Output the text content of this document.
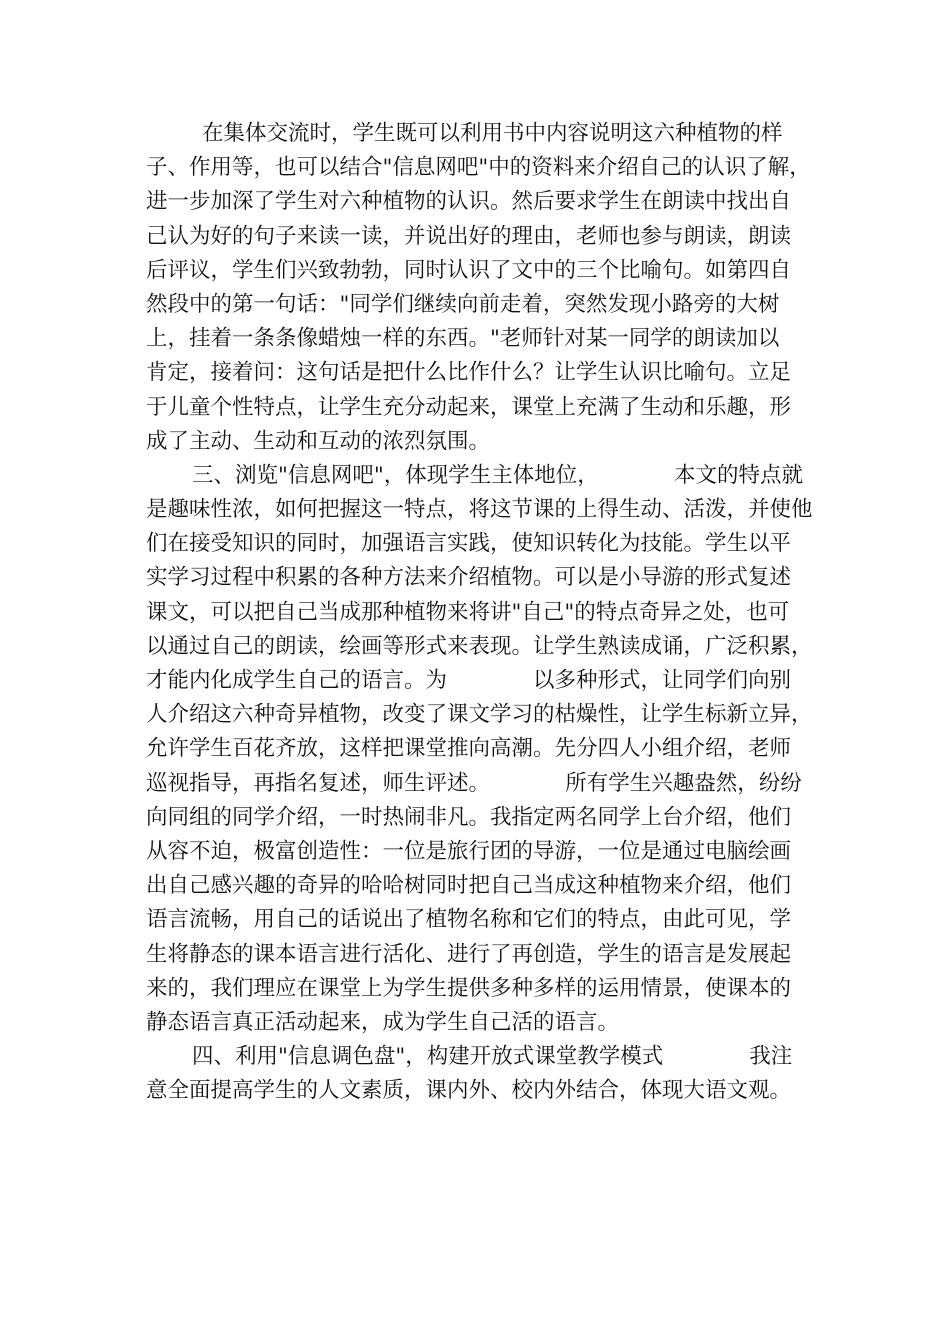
在集体交流时，学生既可以利用书中内容说明这六种植物的样
子、作用等，也可以结合"信息网吧"中的资料来介绍自己的认识了解，
进一步加深了学生对六种植物的认识。然后要求学生在朗读中找出自
己认为好的句子来读一读，并说出好的理由，老师也参与朗读，朗读
后评议，学生们兴致勃勃，同时认识了文中的三个比喻句。如第四自
然段中的第一句话："同学们继续向前走着，突然发现小路旁的大树
上，挂着一条条像蜡烛一样的东西。"老师针对某一同学的朗读加以
肯定，接着问：这句话是把什么比作什么？让学生认识比喻句。立足
于儿童个性特点，让学生充分动起来，课堂上充满了生动和乐趣，形
成了主动、生动和互动的浓烈氛围。
三、浏览"信息网吧"，体现学生主体地位，　　　　本文的特点就
是趣味性浓，如何把握这一特点，将这节课的上得生动、活泼，并使他
们在接受知识的同时，加强语言实践，使知识转化为技能。学生以平
实学习过程中积累的各种方法来介绍植物。可以是小导游的形式复述
课文，可以把自己当成那种植物来将讲"自己"的特点奇异之处，也可
以通过自己的朗读，绘画等形式来表现。让学生熟读成诵，广泛积累，
才能内化成学生自己的语言。为　　　　以多种形式，让同学们向别
人介绍这六种奇异植物，改变了课文学习的枯燥性，让学生标新立异，
允许学生百花齐放，这样把课堂推向高潮。先分四人小组介绍，老师
巡视指导，再指名复述，师生评述。　　　　所有学生兴趣盎然，纷纷
向同组的同学介绍，一时热闹非凡。我指定两名同学上台介绍，他们
从容不迫，极富创造性：一位是旅行团的导游，一位是通过电脑绘画
出自己感兴趣的奇异的哈哈树同时把自己当成这种植物来介绍，他们
语言流畅，用自己的话说出了植物名称和它们的特点，由此可见，学
生将静态的课本语言进行活化、进行了再创造，学生的语言是发展起
来的，我们理应在课堂上为学生提供多种多样的运用情景，使课本的
静态语言真正活动起来，成为学生自己活的语言。
四、利用"信息调色盘"，构建开放式课堂教学模式　　　　我注
意全面提高学生的人文素质，课内外、校内外结合，体现大语文观。
